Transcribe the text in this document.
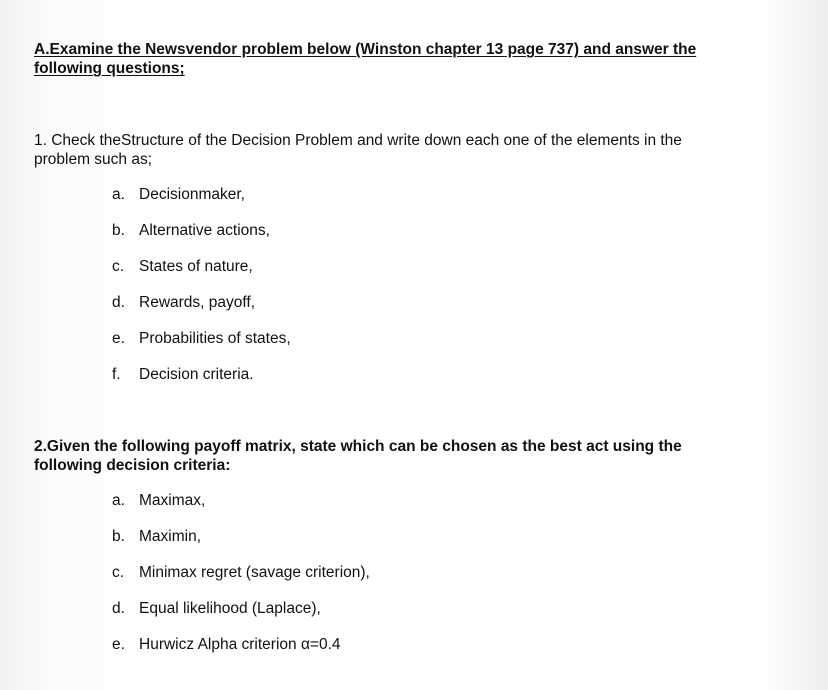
A.Examine the Newsvendor problem below (Winston chapter 13 page 737) and answer the following questions;
1. Check theStructure of the Decision Problem and write down each one of the elements in the problem such as;
a. Decisionmaker,
b. Alternative actions,
c. States of nature,
d. Rewards, payoff,
e. Probabilities of states,
f.	Decision criteria.
2.Given the following payoff matrix, state which can be chosen as the best act using the following decision criteria:
a. Maximax,
b. Maximin,
c. Minimax regret (savage criterion),
d. Equal likelihood (Laplace),
e. Hurwicz Alpha criterion α=0.4
